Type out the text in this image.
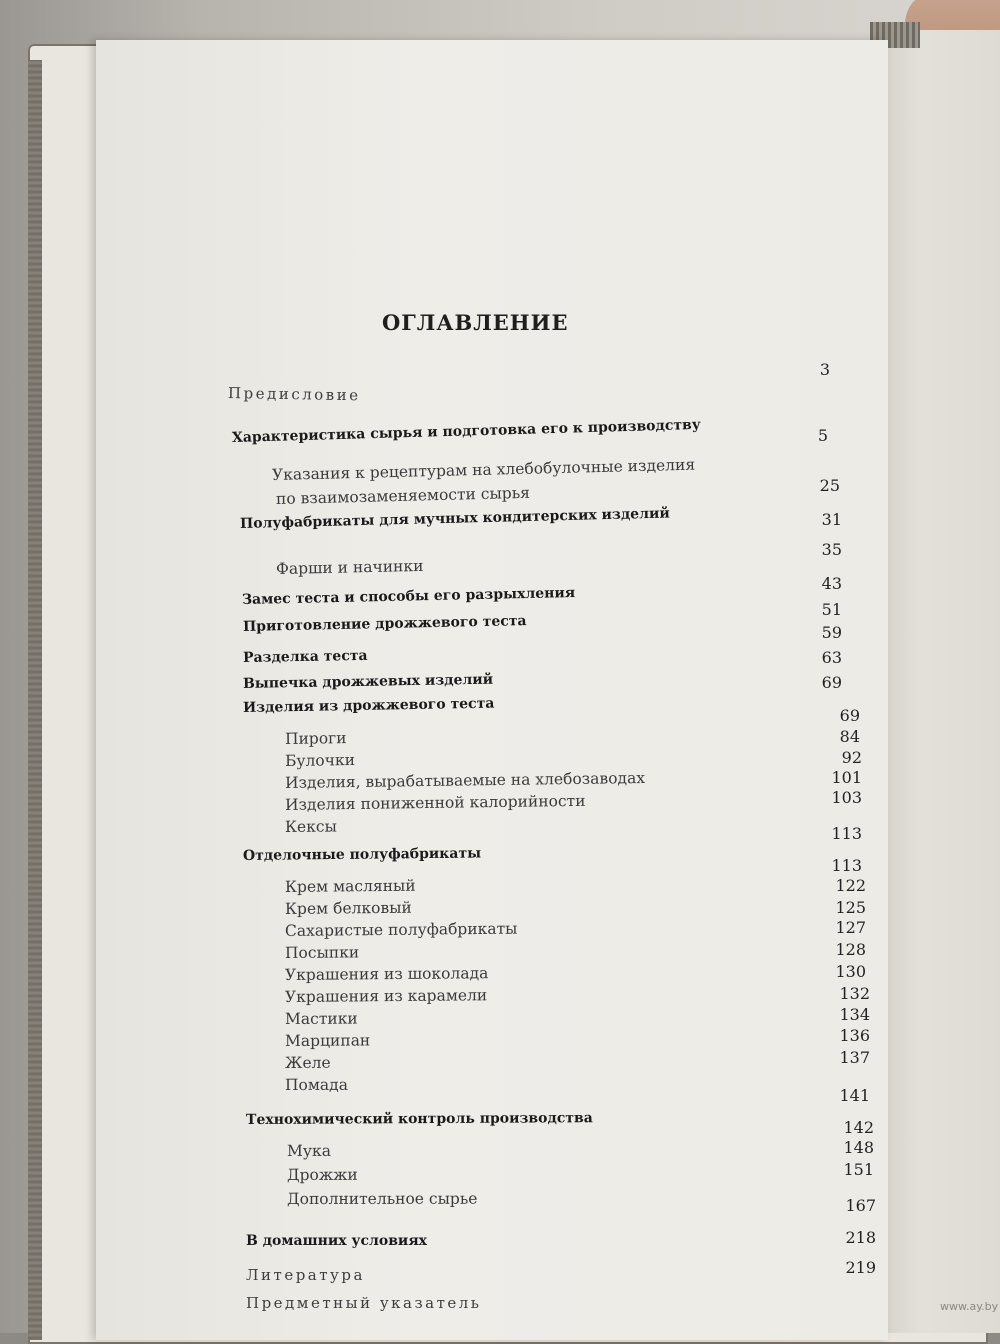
ОГЛАВЛЕНИЕ
Предисловие
Характеристика сырья и подготовка его к производству
Указания к рецептурам на хлебобулочные изделия
по взаимозаменяемости сырья
Полуфабрикаты для мучных кондитерских изделий
Фарши и начинки
Замес теста и способы его разрыхления
Приготовление дрожжевого теста
Разделка теста
Выпечка дрожжевых изделий
Изделия из дрожжевого теста
Пироги
Булочки
Изделия, вырабатываемые на хлебозаводах
Изделия пониженной калорийности
Кексы
Отделочные полуфабрикаты
Крем масляный
Крем белковый
Сахаристые полуфабрикаты
Посыпки
Украшения из шоколада
Украшения из карамели
Мастики
Марципан
Желе
Помада
Технохимический контроль производства
Мука
Дрожжи
Дополнительное сырье
В домашних условиях
Литература
Предметный указатель
3
5
25
31
35
43
51
59
63
69
69
84
92
101
103
113
113
122
125
127
128
130
132
134
136
137
141
142
148
151
167
218
219
www.ay.by
